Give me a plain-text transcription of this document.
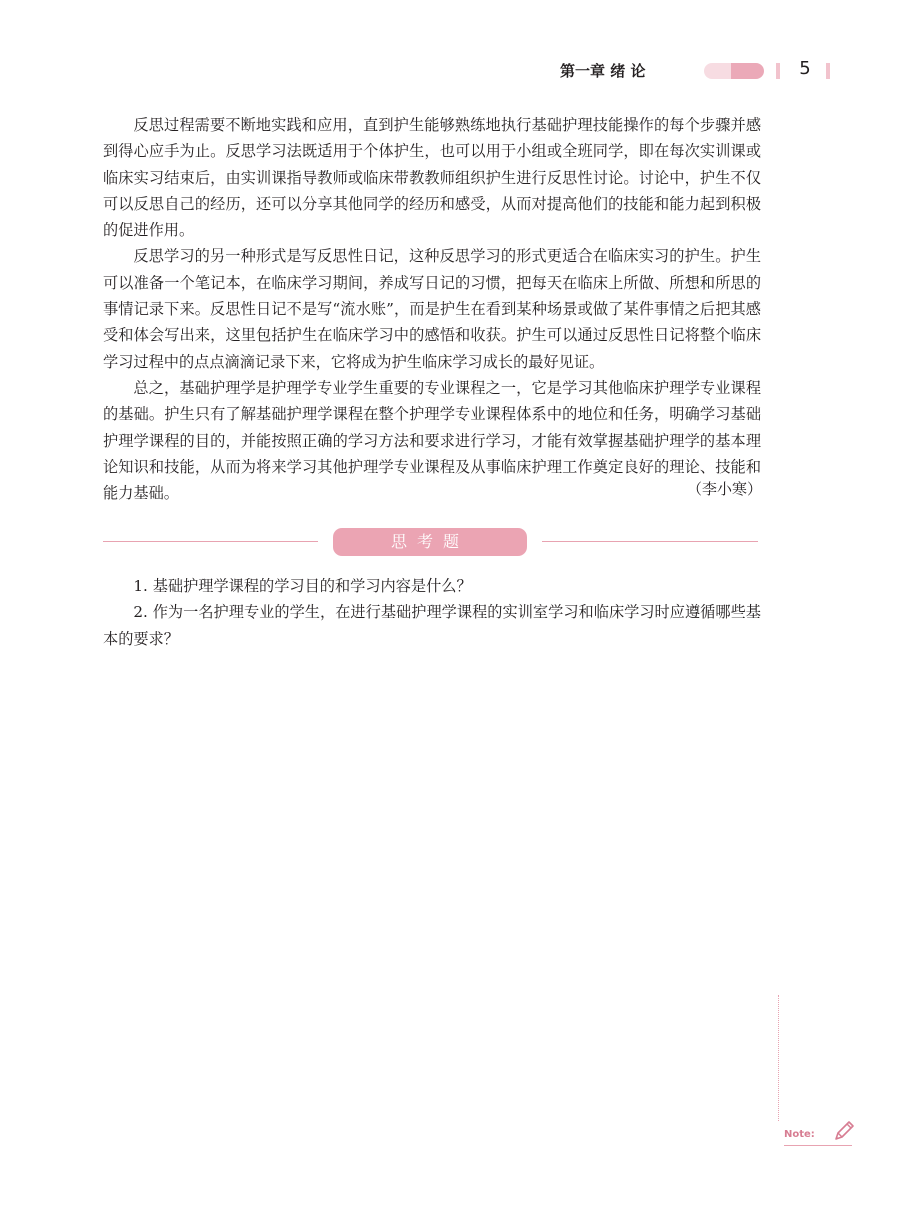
第一章 绪 论	5

反思过程需要不断地实践和应用，直到护生能够熟练地执行基础护理技能操作的每个步骤并感到得心应手为止。反思学习法既适用于个体护生，也可以用于小组或全班同学，即在每次实训课或临床实习结束后，由实训课指导教师或临床带教教师组织护生进行反思性讨论。讨论中，护生不仅可以反思自己的经历，还可以分享其他同学的经历和感受，从而对提高他们的技能和能力起到积极的促进作用。

反思学习的另一种形式是写反思性日记，这种反思学习的形式更适合在临床实习的护生。护生可以准备一个笔记本，在临床学习期间，养成写日记的习惯，把每天在临床上所做、所想和所思的事情记录下来。反思性日记不是写“流水账”，而是护生在看到某种场景或做了某件事情之后把其感受和体会写出来，这里包括护生在临床学习中的感悟和收获。护生可以通过反思性日记将整个临床学习过程中的点点滴滴记录下来，它将成为护生临床学习成长的最好见证。

总之，基础护理学是护理学专业学生重要的专业课程之一，它是学习其他临床护理学专业课程的基础。护生只有了解基础护理学课程在整个护理学专业课程体系中的地位和任务，明确学习基础护理学课程的目的，并能按照正确的学习方法和要求进行学习，才能有效掌握基础护理学的基本理论知识和技能，从而为将来学习其他护理学专业课程及从事临床护理工作奠定良好的理论、技能和能力基础。	（李小寒）
思考题

1. 基础护理学课程的学习目的和学习内容是什么？

2. 作为一名护理专业的学生，在进行基础护理学课程的实训室学习和临床学习时应遵循哪些基本的要求？

Note:
